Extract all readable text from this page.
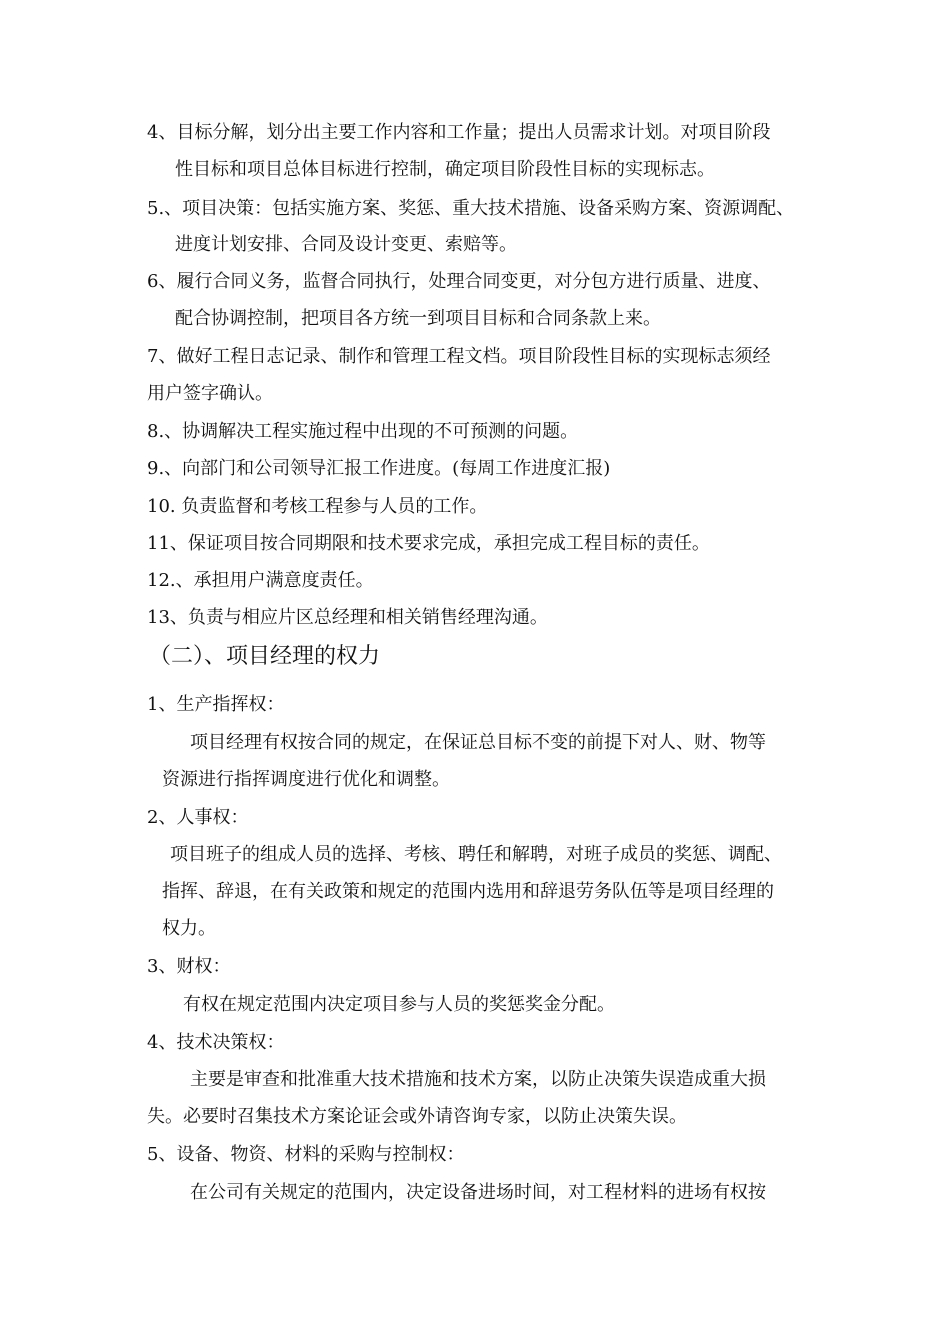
4、目标分解，划分出主要工作内容和工作量；提出人员需求计划。对项目阶段

性目标和项目总体目标进行控制，确定项目阶段性目标的实现标志。

5.、项目决策：包括实施方案、奖惩、重大技术措施、设备采购方案、资源调配、

进度计划安排、合同及设计变更、索赔等。

6、履行合同义务，监督合同执行，处理合同变更，对分包方进行质量、进度、

配合协调控制，把项目各方统一到项目目标和合同条款上来。

7、做好工程日志记录、制作和管理工程文档。项目阶段性目标的实现标志须经

用户签字确认。

8.、协调解决工程实施过程中出现的不可预测的问题。

9.、向部门和公司领导汇报工作进度。(每周工作进度汇报)

10. 负责监督和考核工程参与人员的工作。

11、保证项目按合同期限和技术要求完成，承担完成工程目标的责任。

12.、承担用户满意度责任。

13、负责与相应片区总经理和相关销售经理沟通。

（二）、项目经理的权力

1、生产指挥权：

项目经理有权按合同的规定，在保证总目标不变的前提下对人、财、物等

资源进行指挥调度进行优化和调整。

2、人事权：

项目班子的组成人员的选择、考核、聘任和解聘，对班子成员的奖惩、调配、

指挥、辞退，在有关政策和规定的范围内选用和辞退劳务队伍等是项目经理的

权力。

3、财权：

有权在规定范围内决定项目参与人员的奖惩奖金分配。

4、技术决策权：

主要是审查和批准重大技术措施和技术方案，以防止决策失误造成重大损

失。必要时召集技术方案论证会或外请咨询专家，以防止决策失误。

5、设备、物资、材料的采购与控制权：

在公司有关规定的范围内，决定设备进场时间，对工程材料的进场有权按
